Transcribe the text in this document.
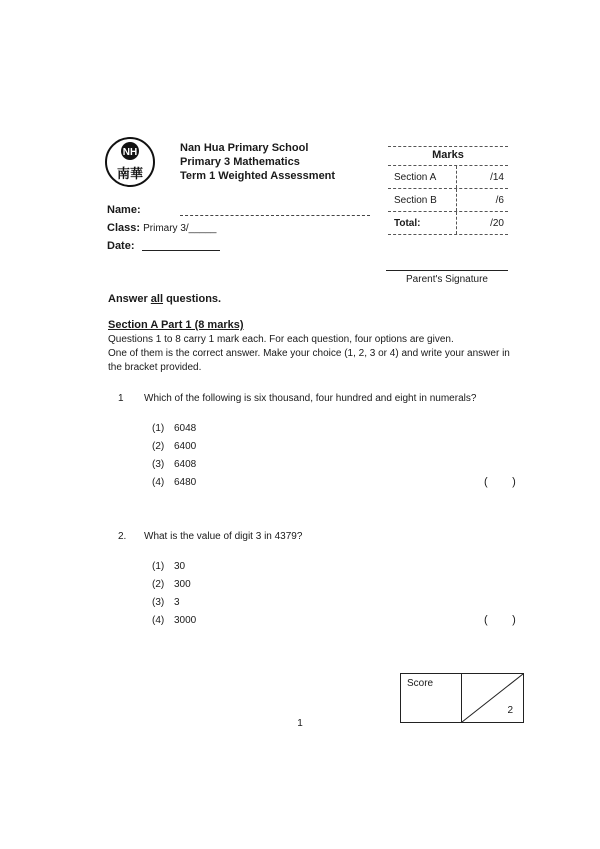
NH
南華
Nan Hua Primary School
Primary 3 Mathematics
Term 1 Weighted Assessment
Name:
Class: Primary 3/_____
Date:
Marks
Section A	/14
Section B	/6
Total:	/20
Parent's Signature
Answer all questions.
Section A Part 1 (8 marks)
Questions 1 to 8 carry 1 mark each. For each question, four options are given.
One of them is the correct answer. Make your choice (1, 2, 3 or 4) and write your answer in
the bracket provided.
1 Which of the following is six thousand, four hundred and eight in numerals?
(1) 6048
(2) 6400
(3) 6408
(4) 6480	(        )
2. What is the value of digit 3 in 4379?
(1) 30
(2) 300
(3) 3
(4) 3000	(        )
Score
2
1
